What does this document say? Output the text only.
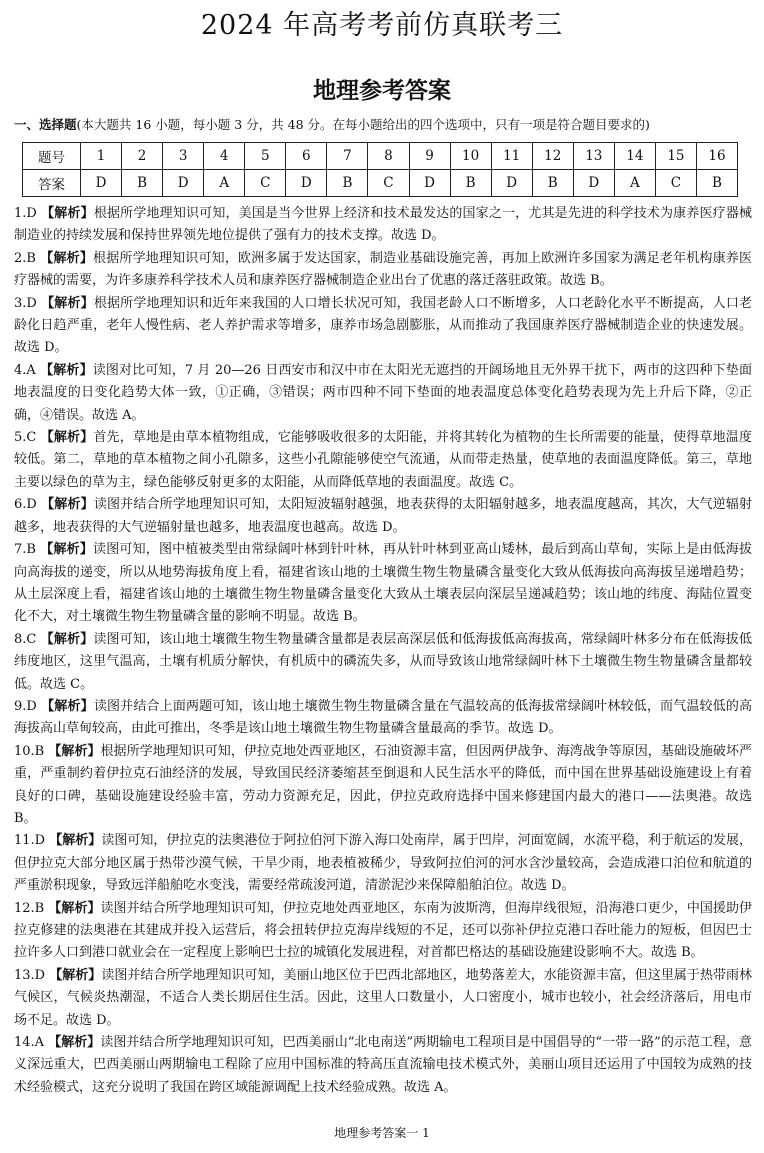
2024 年高考考前仿真联考三
地理参考答案
一、选择题(本大题共 16 小题，每小题 3 分，共 48 分。在每小题给出的四个选项中，只有一项是符合题目要求的)
题号	1	2	3	4	5	6	7	8	9	10	11	12	13	14	15	16
答案	D	B	D	A	C	D	B	C	D	B	D	B	D	A	C	B

1.D 【解析】根据所学地理知识可知，美国是当今世界上经济和技术最发达的国家之一，尤其是先进的科学技术为康养医疗器械制造业的持续发展和保持世界领先地位提供了强有力的技术支撑。故选 D。

2.B 【解析】根据所学地理知识可知，欧洲多属于发达国家，制造业基础设施完善，再加上欧洲许多国家为满足老年机构康养医疗器械的需要，为许多康养科学技术人员和康养医疗器械制造企业出台了优惠的落迁落驻政策。故选 B。

3.D 【解析】根据所学地理知识和近年来我国的人口增长状况可知，我国老龄人口不断增多，人口老龄化水平不断提高，人口老龄化日趋严重，老年人慢性病、老人养护需求等增多，康养市场急剧膨胀，从而推动了我国康养医疗器械制造企业的快速发展。故选 D。

4.A 【解析】读图对比可知，7 月 20—26 日西安市和汉中市在太阳光无遮挡的开阔场地且无外界干扰下，两市的这四种下垫面地表温度的日变化趋势大体一致，①正确，③错误；两市四种不同下垫面的地表温度总体变化趋势表现为先上升后下降，②正确，④错误。故选 A。

5.C 【解析】首先，草地是由草本植物组成，它能够吸收很多的太阳能，并将其转化为植物的生长所需要的能量，使得草地温度较低。第二，草地的草本植物之间小孔隙多，这些小孔隙能够使空气流通，从而带走热量，使草地的表面温度降低。第三，草地主要以绿色的草为主，绿色能够反射更多的太阳能，从而降低草地的表面温度。故选 C。

6.D 【解析】读图并结合所学地理知识可知，太阳短波辐射越强，地表获得的太阳辐射越多，地表温度越高，其次，大气逆辐射越多，地表获得的大气逆辐射量也越多，地表温度也越高。故选 D。

7.B 【解析】读图可知，图中植被类型由常绿阔叶林到针叶林，再从针叶林到亚高山矮林，最后到高山草甸，实际上是由低海拔向高海拔的递变，所以从地势海拔角度上看，福建省该山地的土壤微生物生物量磷含量变化大致从低海拔向高海拔呈递增趋势；从土层深度上看，福建省该山地的土壤微生物生物量磷含量变化大致从土壤表层向深层呈递减趋势；该山地的纬度、海陆位置变化不大，对土壤微生物生物量磷含量的影响不明显。故选 B。

8.C 【解析】读图可知，该山地土壤微生物生物量磷含量都是表层高深层低和低海拔低高海拔高，常绿阔叶林多分布在低海拔低纬度地区，这里气温高，土壤有机质分解快，有机质中的磷流失多，从而导致该山地常绿阔叶林下土壤微生物生物量磷含量都较低。故选 C。

9.D 【解析】读图并结合上面两题可知，该山地土壤微生物生物量磷含量在气温较高的低海拔常绿阔叶林较低，而气温较低的高海拔高山草甸较高，由此可推出，冬季是该山地土壤微生物生物量磷含量最高的季节。故选 D。

10.B 【解析】根据所学地理知识可知，伊拉克地处西亚地区，石油资源丰富，但因两伊战争、海湾战争等原因，基础设施破坏严重，严重制约着伊拉克石油经济的发展，导致国民经济萎缩甚至倒退和人民生活水平的降低，而中国在世界基础设施建设上有着良好的口碑，基础设施建设经验丰富，劳动力资源充足，因此，伊拉克政府选择中国来修建国内最大的港口——法奥港。故选 B。

11.D 【解析】读图可知，伊拉克的法奥港位于阿拉伯河下游入海口处南岸，属于凹岸，河面宽阔，水流平稳，利于航运的发展，但伊拉克大部分地区属于热带沙漠气候，干旱少雨，地表植被稀少，导致阿拉伯河的河水含沙量较高，会造成港口泊位和航道的严重淤积现象，导致远洋船舶吃水变浅，需要经常疏浚河道，清淤泥沙来保障船舶泊位。故选 D。

12.B 【解析】读图并结合所学地理知识可知，伊拉克地处西亚地区，东南为波斯湾，但海岸线很短，沿海港口更少，中国援助伊拉克修建的法奥港在其建成并投入运营后，将会扭转伊拉克海岸线短的不足，还可以弥补伊拉克港口吞吐能力的短板，但因巴士拉许多人口到港口就业会在一定程度上影响巴士拉的城镇化发展进程，对首都巴格达的基础设施建设影响不大。故选 B。

13.D 【解析】读图并结合所学地理知识可知，美丽山地区位于巴西北部地区，地势落差大，水能资源丰富，但这里属于热带雨林气候区，气候炎热潮湿，不适合人类长期居住生活。因此，这里人口数量小，人口密度小，城市也较小，社会经济落后，用电市场不足。故选 D。

14.A 【解析】读图并结合所学地理知识可知，巴西美丽山“北电南送”两期输电工程项目是中国倡导的“一带一路”的示范工程，意义深远重大，巴西美丽山两期输电工程除了应用中国标准的特高压直流输电技术模式外，美丽山项目还运用了中国较为成熟的技术经验模式，这充分说明了我国在跨区域能源调配上技术经验成熟。故选 A。

地理参考答案一 1
